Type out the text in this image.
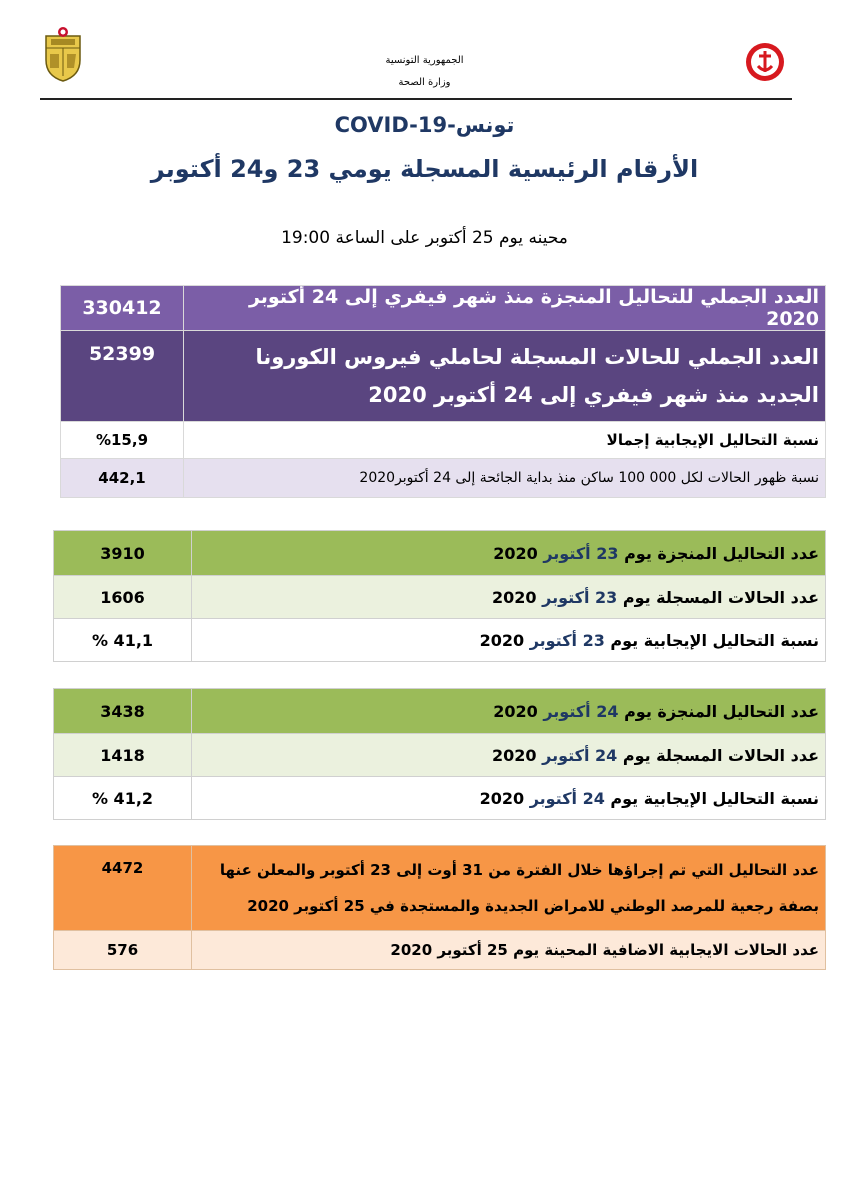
الجمهورية التونسية
وزارة الصحة
COVID-19-تونس
الأرقام الرئيسية المسجلة يومي 23 و24 أكتوبر
محينه يوم 25 أكتوبر على الساعة 19:00
330412	العدد الجملي للتحاليل المنجزة منذ شهر فيفري إلى 24 أكتوبر 2020
52399	العدد الجملي للحالات المسجلة لحاملي فيروس الكورونا الجديد منذ شهر فيفري إلى 24 أكتوبر 2020
%15,9	نسبة التحاليل الإيجابية إجمالا
442,1	نسبة ظهور الحالات لكل 000 100 ساكن منذ بداية الجائحة إلى 24 أكتوبر2020
3910	عدد التحاليل المنجزة يوم 23 أكتوبر 2020
1606	عدد الحالات المسجلة يوم 23 أكتوبر 2020
% 41,1	نسبة التحاليل الإيجابية يوم 23 أكتوبر 2020
3438	عدد التحاليل المنجزة يوم 24 أكتوبر 2020
1418	عدد الحالات المسجلة يوم 24 أكتوبر 2020
% 41,2	نسبة التحاليل الإيجابية يوم 24 أكتوبر 2020
4472	عدد التحاليل التي تم إجراؤها خلال الفترة من 31 أوت إلى 23 أكتوبر والمعلن عنها بصفة رجعية للمرصد الوطني للامراض الجديدة والمستجدة في 25 أكتوبر 2020
576	عدد الحالات الايجابية الاضافية المحينة يوم 25 أكتوبر 2020
